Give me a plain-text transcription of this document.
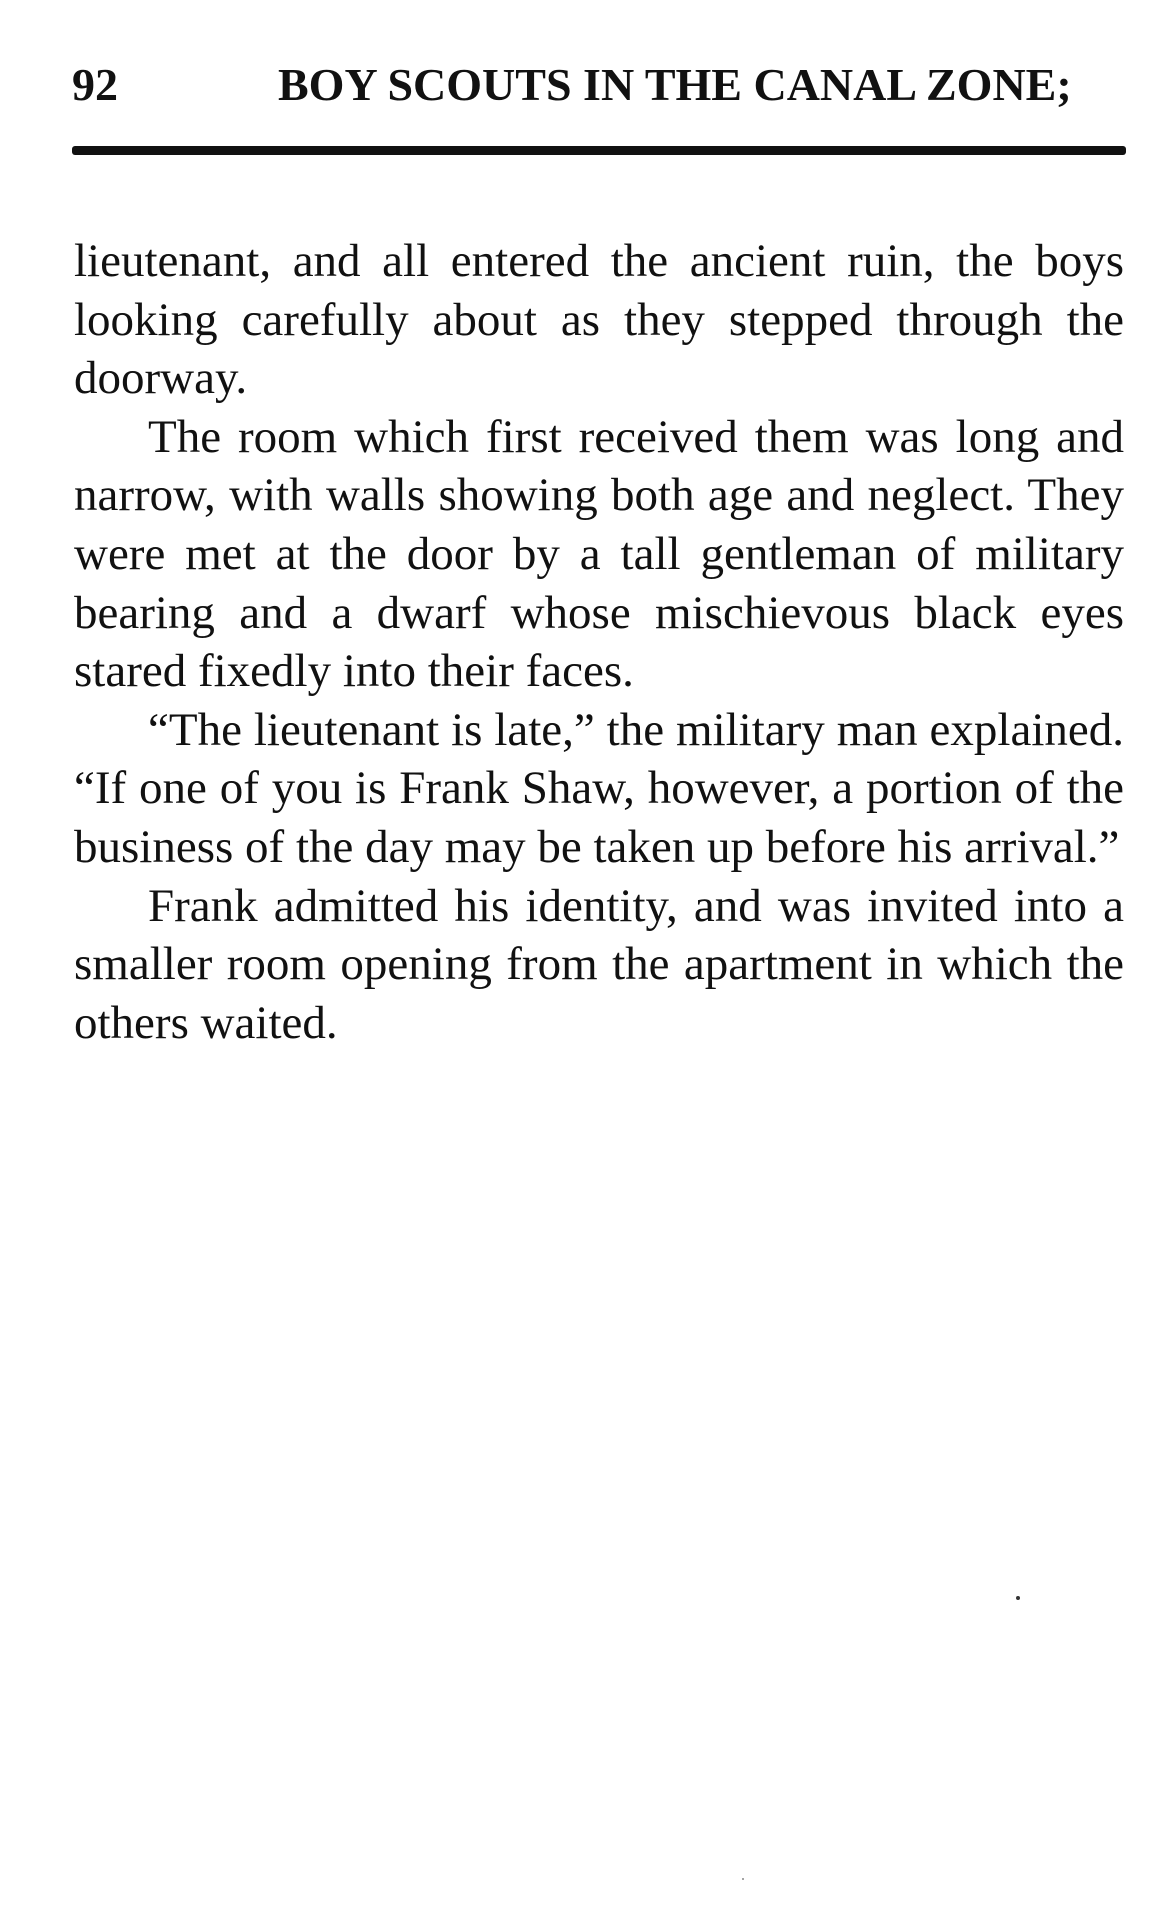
92	BOY SCOUTS IN THE CANAL ZONE;

lieutenant, and all entered the ancient ruin, the boys looking carefully about as they stepped through the doorway.

The room which first received them was long and narrow, with walls showing both age and neglect. They were met at the door by a tall gentleman of military bearing and a dwarf whose mischievous black eyes stared fixedly into their faces.

“The lieutenant is late,” the military man explained. “If one of you is Frank Shaw, however, a portion of the business of the day may be taken up before his arrival.”

Frank admitted his identity, and was invited into a smaller room opening from the apartment in which the others waited.
